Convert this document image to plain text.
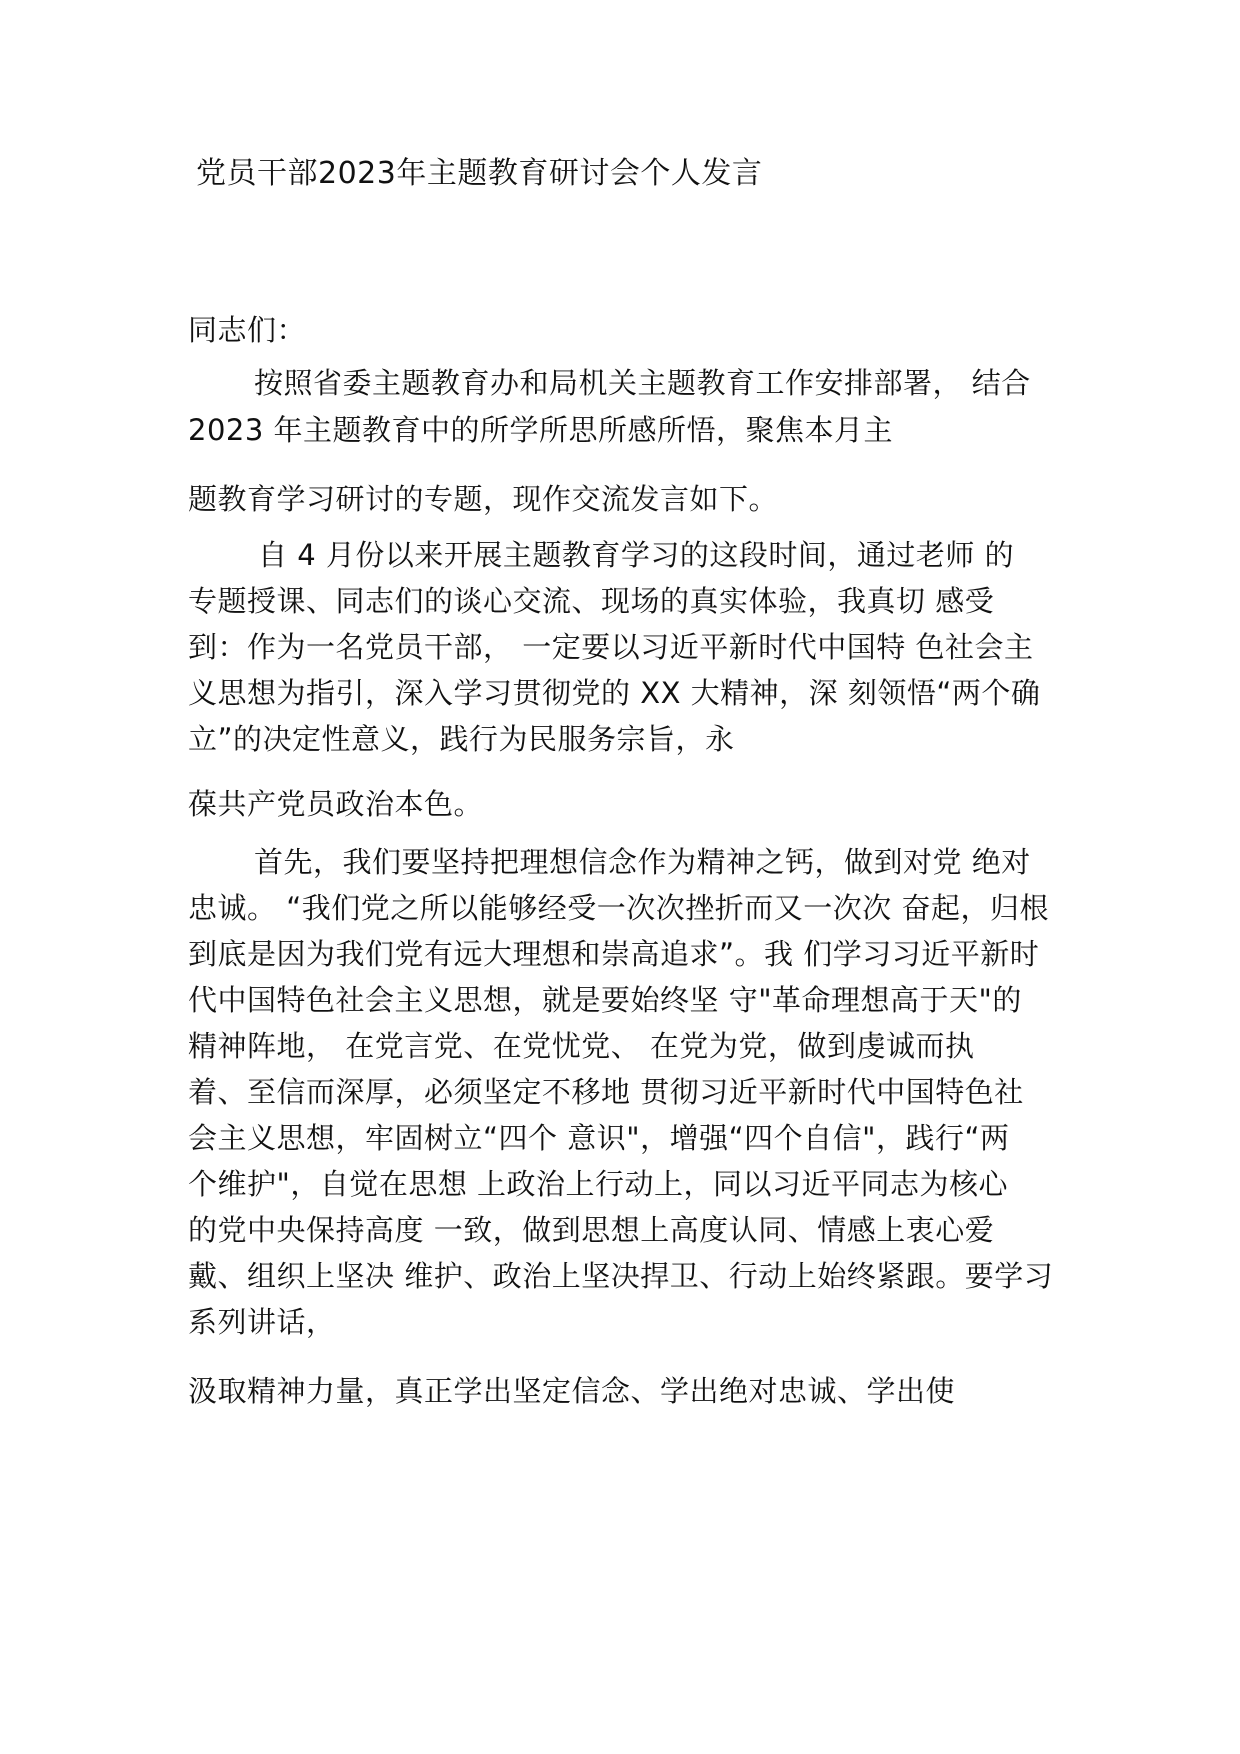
党员干部2023年主题教育研讨会个人发言
同志们：
按照省委主题教育办和局机关主题教育工作安排部署， 结合
2023 年主题教育中的所学所思所感所悟，聚焦本月主
题教育学习研讨的专题，现作交流发言如下。
自 4 月份以来开展主题教育学习的这段时间，通过老师 的
专题授课、同志们的谈心交流、现场的真实体验，我真切 感受
到：作为一名党员干部， 一定要以习近平新时代中国特 色社会主
义思想为指引，深入学习贯彻党的 XX 大精神，深 刻领悟“两个确
立”的决定性意义，践行为民服务宗旨，永
葆共产党员政治本色。
首先，我们要坚持把理想信念作为精神之钙，做到对党 绝对
忠诚。 “我们党之所以能够经受一次次挫折而又一次次 奋起，归根
到底是因为我们党有远大理想和崇高追求”。我 们学习习近平新时
代中国特色社会主义思想，就是要始终坚 守"革命理想高于天"的
精神阵地， 在党言党、在党忧党、 在党为党，做到虔诚而执
着、至信而深厚，必须坚定不移地 贯彻习近平新时代中国特色社
会主义思想，牢固树立“四个 意识"，增强“四个自信"，践行“两
个维护"，自觉在思想 上政治上行动上，同以习近平同志为核心
的党中央保持高度 一致，做到思想上高度认同、情感上衷心爱
戴、组织上坚决 维护、政治上坚决捍卫、行动上始终紧跟。要学习
系列讲话，
汲取精神力量，真正学出坚定信念、学出绝对忠诚、学出使
